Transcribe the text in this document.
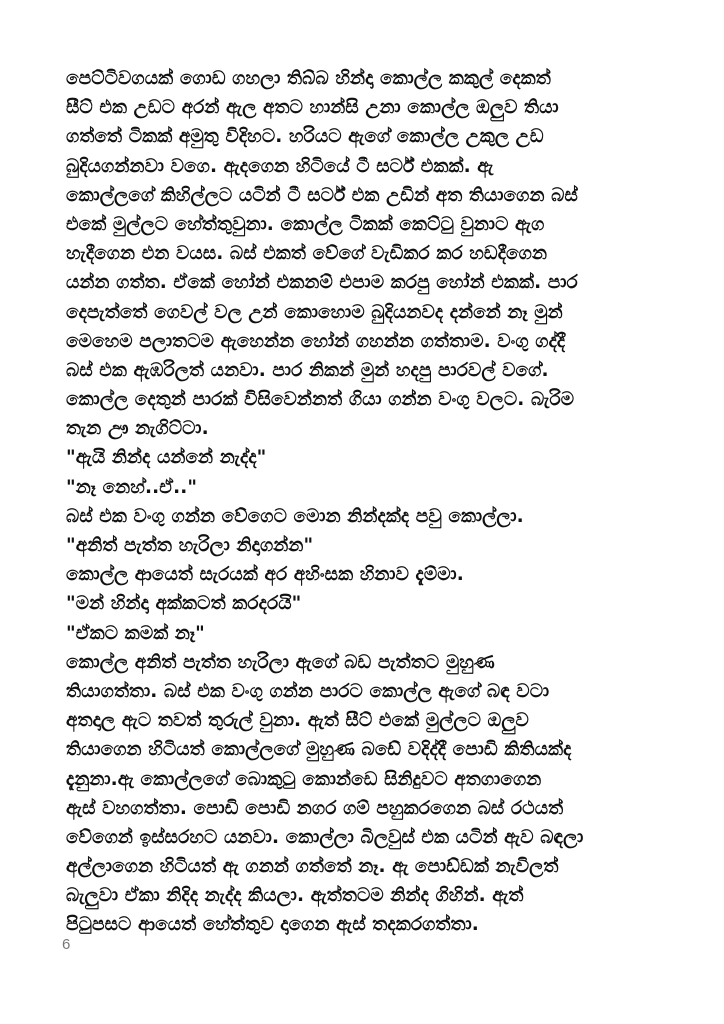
පෙට්ටිවගයක් ගොඩ ගහලා තිබ්බ හින්දා කොල්ල කකුල් දෙකත්
සීට් එක උඩට අරන් ඇල අතට හාන්සි උනා කොල්ල ඔලුව තියා
ගත්තේ ටිකක් අමුතු විදිහට. හරියට ඇගේ කොල්ල උකුල උඩ
බුදියගන්නවා වගෙ. ඇදගෙන හිටියේ ටී සර්ට් එකක්. ඇ
කොල්ලගේ කිහිල්ලට යටින් ටී සර්ට් එක උඩින් අත තියාගෙන බස්
එකේ මුල්ලට හේත්තුවුනා. කොල්ල ටිකක් කෙට්ටු වුනාට ඇග
හැදීගෙන එන වයස. බස් එකත් වේගේ වැඩිකර කර හඩදීගෙන
යන්න ගත්ත. ඒකේ හෝන් එකනම් එපාම කරපු හෝන් එකක්. පාර
දෙපැත්තේ ගෙවල් වල උන් කොහොම බුදියනවද දන්නේ නෑ මුන්
මෙහෙම පලාතටම ඇහෙන්න හෝන් ගහන්න ගත්තාම. වංගු ගද්දී
බස් එක ඇඹරිලත් යනවා. පාර නිකන් මුන් හදපු පාරවල් වගේ.
කොල්ල දෙතුන් පාරක් විසිවෙන්නත් ගියා ගන්න වංගු වලට. බැරිම
තැන ඌ නැගිට්ටා.
"ඇයි නින්ද යන්නේ නැද්ද"
"නෑ නෙහ්..ඒ.."
බස් එක වංගු ගන්න වේගෙට මොන නින්දක්ද පවු කොල්ලා.
"අනිත් පැත්ත හැරිලා නිදාගන්න"
කොල්ල ආයෙත් සැරයක් අර අහිංසක හිනාව දැම්මා.
"මන් හින්දා අක්කටත් කරදරයි"
"ඒකට කමක් නෑ"
කොල්ල අනිත් පැත්ත හැරිලා ඇගේ බඩ පැත්තට මුහුණ
තියාගත්තා. බස් එක වංගු ගන්න පාරට කොල්ල ඇගේ බඳ වටා
අතදාල ඇට තවත් තුරුල් වුනා. ඇත් සීට් එකේ මුල්ලට ඔලුව
තියාගෙන හිටියත් කොල්ලගේ මුහුණ බඩේ වදිද්දී පොඩි කිතියක්ද
දැනුනා.ඇ කොල්ලගේ බොකුටු කොන්ඩෙ සිනිදුවට අතගාගෙන
ඇස් වහගත්තා. පොඩි පොඩි නගර ගම් පහුකරගෙන බස් රථයත්
වේගෙන් ඉස්සරහට යනවා. කොල්ලා බිලවුස් එක යටින් ඇව බඳලා
අල්ලාගෙන හිටියත් ඇ ගනන් ගත්තේ නෑ. ඇ පොඩ්ඩක් නැවිලත්
බැලුවා ඒකා නිදිද නැද්ද කියලා. ඇත්තටම නින්ද ගිහින්. ඇත්
පිටුපසට ආයෙත් හේත්තුව දාගෙන ඇස් තදකරගත්තා.
6
